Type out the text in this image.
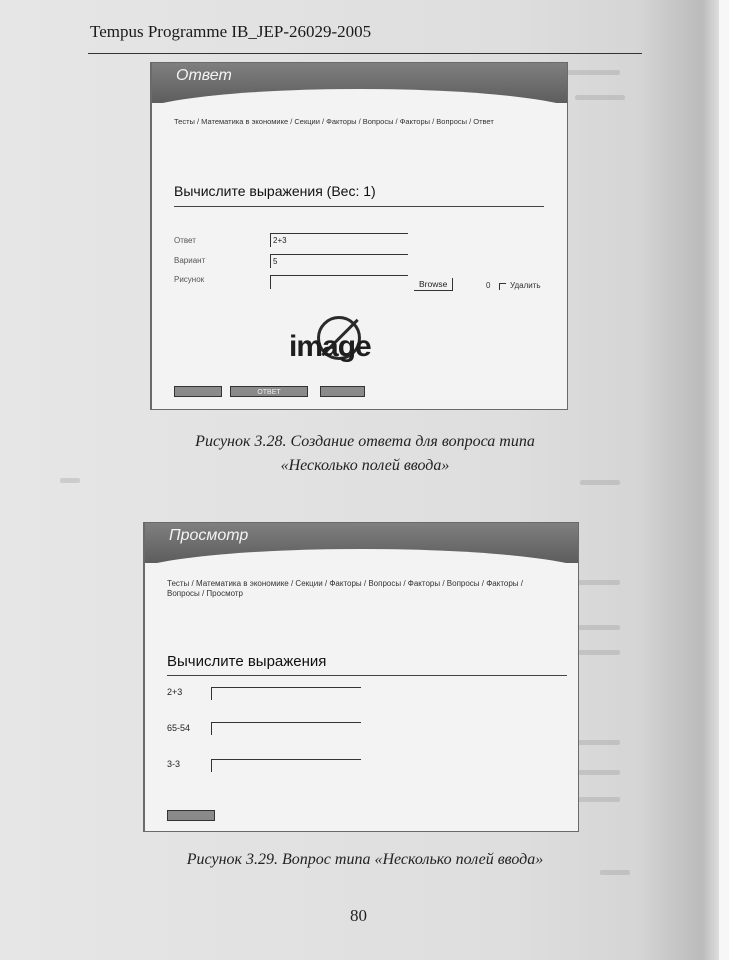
Tempus Programme IB_JEP-26029-2005
Ответ
Тесты / Математика в экономике / Секции / Факторы / Вопросы / Факторы / Вопросы / Ответ
Вычислите выражения (Вес: 1)
Ответ	2+3
Вариант	5
Рисунок	Browse	0 Удалить
image
ОТВЕТ
Рисунок 3.28. Создание ответа для вопроса типа
«Несколько полей ввода»
Просмотр
Тесты / Математика в экономике / Секции / Факторы / Вопросы / Факторы / Вопросы / Факторы / Вопросы / Просмотр
Вычислите выражения
2+3
65-54
3-3
Рисунок 3.29. Вопрос типа «Несколько полей ввода»
80
